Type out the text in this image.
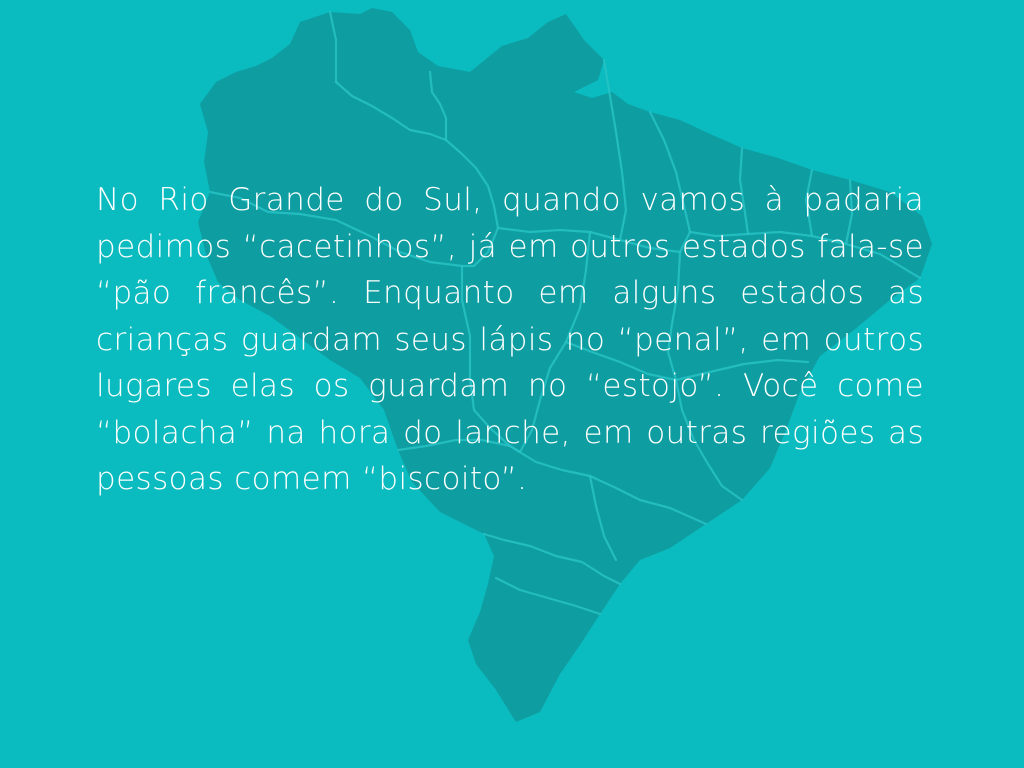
No Rio Grande do Sul, quando vamos à padaria pedimos “cacetinhos”, já em outros estados fala-se “pão francês”. Enquanto em alguns estados as crianças guardam seus lápis no “penal”, em outros lugares elas os guardam no “estojo”. Você come “bolacha” na hora do lanche, em outras regiões as pessoas comem “biscoito”.
